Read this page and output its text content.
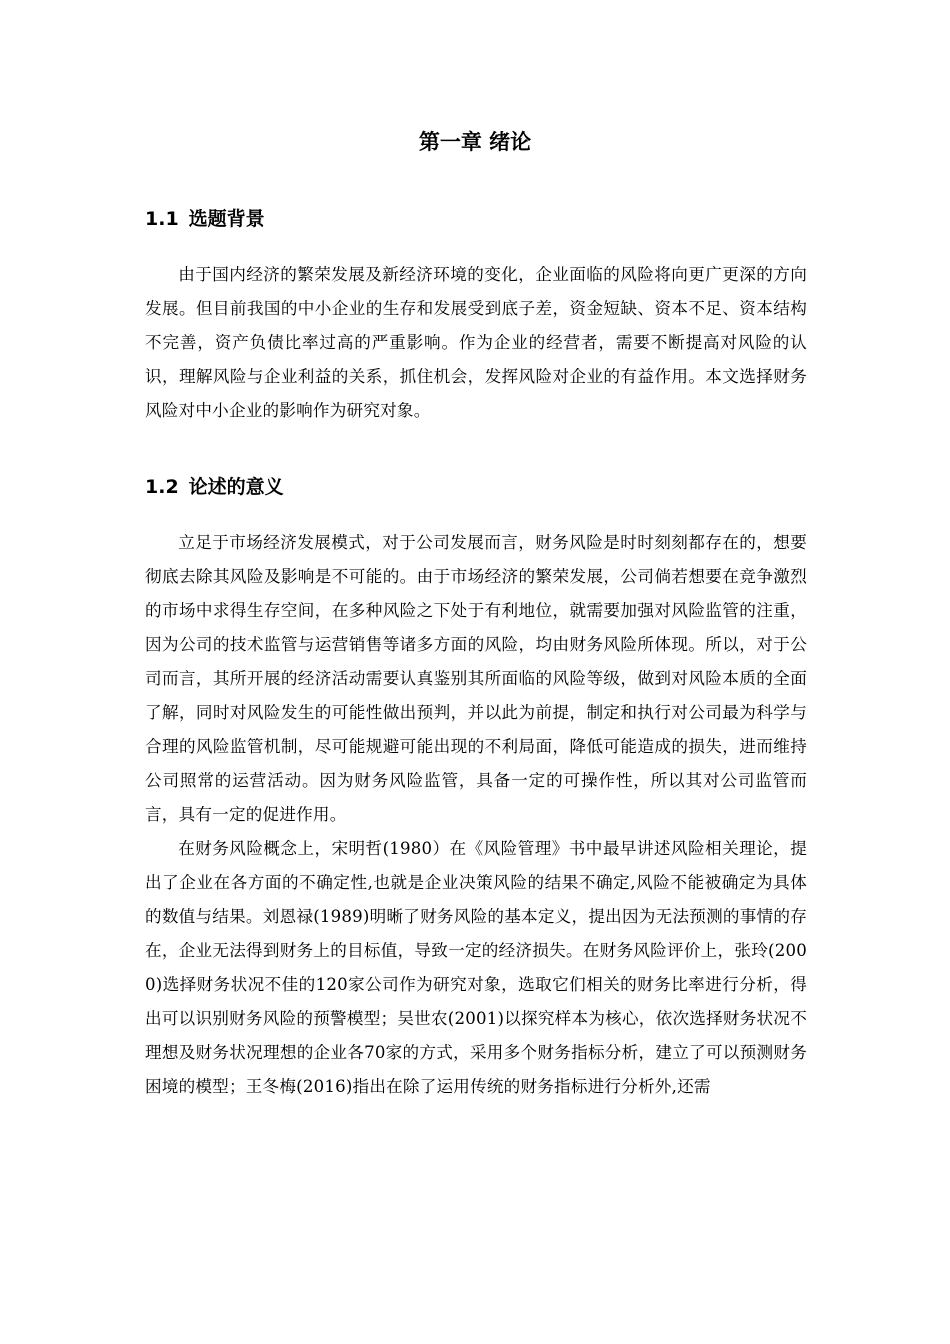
第一章 绪论
1.1 选题背景

由于国内经济的繁荣发展及新经济环境的变化，企业面临的风险将向更广更深的方向发展。但目前我国的中小企业的生存和发展受到底子差，资金短缺、资本不足、资本结构不完善，资产负债比率过高的严重影响。作为企业的经营者，需要不断提高对风险的认识，理解风险与企业利益的关系，抓住机会，发挥风险对企业的有益作用。本文选择财务风险对中小企业的影响作为研究对象。

1.2 论述的意义

立足于市场经济发展模式，对于公司发展而言，财务风险是时时刻刻都存在的，想要彻底去除其风险及影响是不可能的。由于市场经济的繁荣发展，公司倘若想要在竞争激烈的市场中求得生存空间，在多种风险之下处于有利地位，就需要加强对风险监管的注重，因为公司的技术监管与运营销售等诸多方面的风险，均由财务风险所体现。所以，对于公司而言，其所开展的经济活动需要认真鉴别其所面临的风险等级，做到对风险本质的全面了解，同时对风险发生的可能性做出预判，并以此为前提，制定和执行对公司最为科学与合理的风险监管机制，尽可能规避可能出现的不利局面，降低可能造成的损失，进而维持公司照常的运营活动。因为财务风险监管，具备一定的可操作性，所以其对公司监管而言，具有一定的促进作用。

在财务风险概念上，宋明哲(1980）在《风险管理》书中最早讲述风险相关理论，提出了企业在各方面的不确定性,也就是企业决策风险的结果不确定,风险不能被确定为具体的数值与结果。刘恩禄(1989)明晰了财务风险的基本定义，提出因为无法预测的事情的存在，企业无法得到财务上的目标值，导致一定的经济损失。在财务风险评价上，张玲(2000)选择财务状况不佳的120家公司作为研究对象，选取它们相关的财务比率进行分析，得出可以识别财务风险的预警模型；吴世农(2001)以探究样本为核心，依次选择财务状况不理想及财务状况理想的企业各70家的方式，采用多个财务指标分析，建立了可以预测财务困境的模型；王冬梅(2016)指出在除了运用传统的财务指标进行分析外,还需
